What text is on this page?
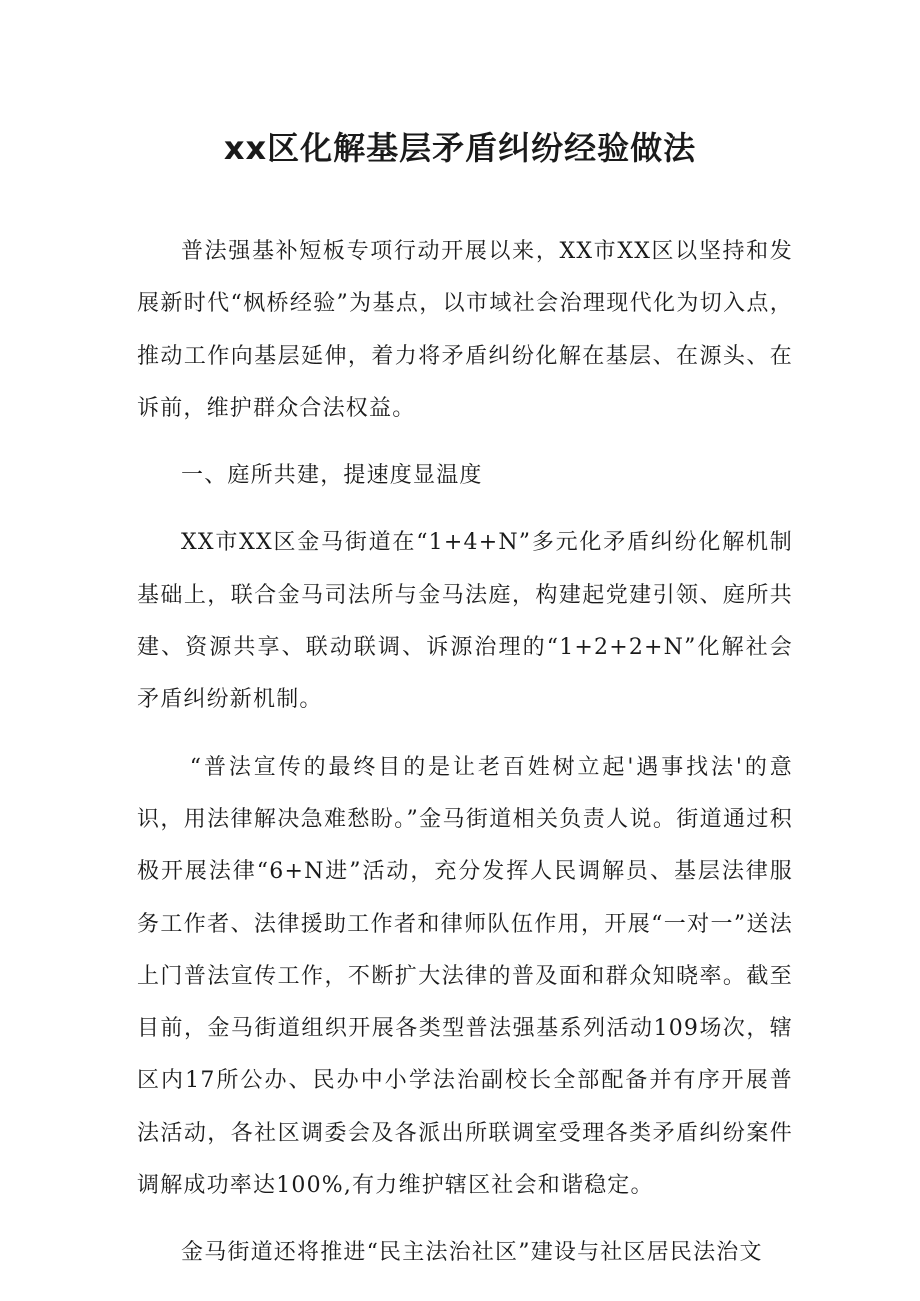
xx区化解基层矛盾纠纷经验做法

普法强基补短板专项行动开展以来，XX市XX区以坚持和发展新时代“枫桥经验”为基点，以市域社会治理现代化为切入点，推动工作向基层延伸，着力将矛盾纠纷化解在基层、在源头、在诉前，维护群众合法权益。

一、庭所共建，提速度显温度

XX市XX区金马街道在“1+4+N”多元化矛盾纠纷化解机制基础上，联合金马司法所与金马法庭，构建起党建引领、庭所共建、资源共享、联动联调、诉源治理的“1+2+2+N”化解社会矛盾纠纷新机制。

“普法宣传的最终目的是让老百姓树立起'遇事找法'的意识，用法律解决急难愁盼。”金马街道相关负责人说。街道通过积极开展法律“6+N进”活动，充分发挥人民调解员、基层法律服务工作者、法律援助工作者和律师队伍作用，开展“一对一”送法上门普法宣传工作，不断扩大法律的普及面和群众知晓率。截至目前，金马街道组织开展各类型普法强基系列活动109场次，辖区内17所公办、民办中小学法治副校长全部配备并有序开展普法活动，各社区调委会及各派出所联调室受理各类矛盾纠纷案件调解成功率达100%,有力维护辖区社会和谐稳定。

金马街道还将推进“民主法治社区”建设与社区居民法治文
